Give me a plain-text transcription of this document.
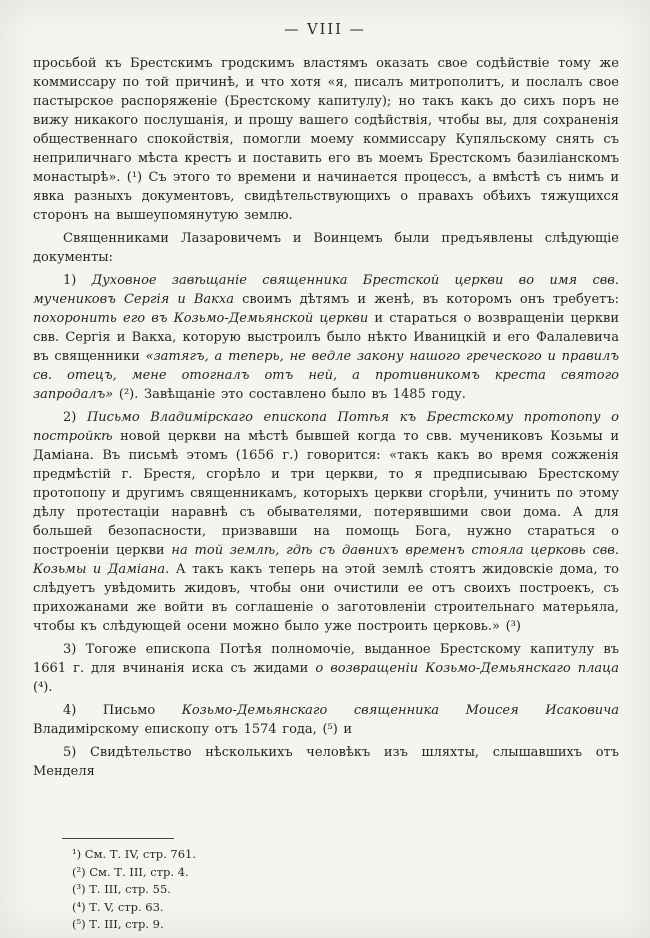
— VIII —

просьбой къ Брестскимъ гродскимъ властямъ оказать свое содѣйствіе тому же коммиссару по той причинѣ, и что хотя «я, писалъ митрополитъ, и послалъ свое пастырское распоряженіе (Брестскому капитулу); но такъ какъ до сихъ поръ не вижу никакого послушанія, и прошу вашего содѣйствія, чтобы вы, для сохраненія общественнаго спокойствія, помогли моему коммиссару Купяльскому снять съ неприличнаго мѣста крестъ и поставить его въ моемъ Брестскомъ базиліанскомъ монастырѣ». (¹) Съ этого то времени и начинается процессъ, а вмѣстѣ съ нимъ и явка разныхъ документовъ, свидѣтельствующихъ о правахъ обѣихъ тяжущихся сторонъ на вышеупомянутую землю.

Священниками Лазаровичемъ и Воинцемъ были предъявлены слѣдующіе документы:

1) Духовное завѣщаніе священника Брестской церкви во имя свв. мучениковъ Сергія и Вакха своимъ дѣтямъ и женѣ, въ которомъ онъ требуетъ: похоронить его въ Козьмо-Демьянской церкви и стараться о возвращеніи церкви свв. Сергія и Вакха, которую выстроилъ было нѣкто Иваницкій и его Фалалевича въ священники «затягъ, а теперь, не ведле закону нашого греческого и правилъ св. отецъ, мене отогналъ отъ ней, а противникомъ креста святого запродалъ» (²). Завѣщаніе это составлено было въ 1485 году.

2) Письмо Владимірскаго епископа Потѣя къ Брестскому протопопу о постройкѣ новой церкви на мѣстѣ бывшей когда то свв. мучениковъ Козьмы и Даміана. Въ письмѣ этомъ (1656 г.) говорится: «такъ какъ во время сожженія предмѣстій г. Брестя, сгорѣло и три церкви, то я предписываю Брестскому протопопу и другимъ священникамъ, которыхъ церкви сгорѣли, учинить по этому дѣлу протестаціи наравнѣ съ обывателями, потерявшими свои дома. А для большей безопасности, призвавши на помощь Бога, нужно стараться о построеніи церкви на той землѣ, гдѣ съ давнихъ временъ стояла церковь свв. Козьмы и Даміана. А такъ какъ теперь на этой землѣ стоятъ жидовскіе дома, то слѣдуетъ увѣдомить жидовъ, чтобы они очистили ее отъ своихъ построекъ, съ прихожанами же войти въ соглашеніе о заготовленіи строительнаго матерьяла, чтобы къ слѣдующей осени можно было уже построить церковь.» (³)

3) Тогоже епископа Потѣя полномочіе, выданное Брестскому капитулу въ 1661 г. для вчинанія иска съ жидами о возвращеніи Козьмо-Демьянскаго плаца (⁴).

4) Письмо Козьмо-Демьянскаго священника Моисея Исаковича Владимірскому епископу отъ 1574 года, (⁵) и

5) Свидѣтельство нѣсколькихъ человѣкъ изъ шляхты, слышавшихъ отъ Менделя

¹) См. Т. IV, стр. 761.
(²) См. Т. III, стр. 4.
(³) Т. III, стр. 55.
(⁴) Т. V, стр. 63.
(⁵) Т. III, стр. 9.
